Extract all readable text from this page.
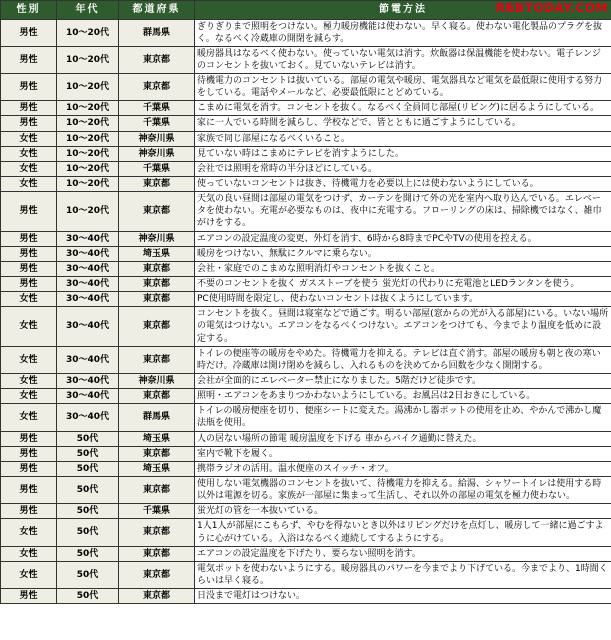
RBBTODAY.COM
性別	年代	都道府県	節電方法
男性	10〜20代	群馬県	ぎりぎりまで照明をつけない。極力暖房機能は使わない。早く寝る。使わない電化製品のプラグを抜く。なるべく冷蔵庫の開閉を減らす。
男性	10〜20代	東京都	暖房器具はなるべく使わない。使っていない電気は消す。炊飯器は保温機能を使わない。電子レンジのコンセントを抜いておく。見ていないテレビは消す。
男性	10〜20代	東京都	待機電力のコンセントは抜いている。部屋の電気や暖房、電気器具など電気を最低限に使用する努力をしている。電話やメールなど、必要最低限にとどめている。
男性	10〜20代	千葉県	こまめに電気を消す。コンセントを抜く。なるべく全員同じ部屋(リビング)に居るようにしている。
男性	10〜20代	千葉県	家に一人でいる時間を減らし、学校などで、皆とともに過ごすようにしている。
女性	10〜20代	神奈川県	家族で同じ部屋になるべくいること。
女性	10〜20代	神奈川県	見ていない時はこまめにテレビを消すようにした。
女性	10〜20代	千葉県	会社では照明を常時の半分ほどにしている。
女性	10〜20代	東京都	使っていないコンセントは抜き、待機電力を必要以上には使わないようにしている。
男性	10〜20代	東京都	天気の良い昼間は部屋の電気をつけず、カーテンを開けて外の光を室内へ取り込んでいる。エレベータを使わない。充電が必要なものは、夜中に充電する。フローリングの床は、掃除機ではなく、雑巾がけをする。
男性	30〜40代	神奈川県	エアコンの設定温度の変更、外灯を消す、6時から8時までPCやTVの使用を控える。
男性	30〜40代	埼玉県	暖房をつけない、無駄にクルマに乗らない。
男性	30〜40代	東京都	会社・家庭でのこまめな照明消灯やコンセントを抜くこと。
男性	30〜40代	東京都	不要のコンセントを抜く ガスストーブを使う 蛍光灯の代わりに充電池とLEDランタンを使う。
女性	30〜40代	東京都	PC使用時間を限定し、使わないコンセントは抜くようにしています。
女性	30〜40代	東京都	コンセントを抜く。昼間は寝室などで過ごす。明るい部屋(窓からの光が入る部屋)にいる。いない場所の電気はつけない。エアコンをなるべくつけない。エアコンをつけても、今までより温度を低めに設定する。
女性	30〜40代	東京都	トイレの便座等の暖房をやめた。待機電力を抑える。テレビは直ぐ消す。部屋の暖房も朝と夜の寒い時だけ。冷蔵庫は開け閉めを減らし、入れるものを決めてから回数を少なく開閉する。
女性	30〜40代	神奈川県	会社が全面的にエレベーター禁止になりました。5階だけど徒歩です。
女性	30〜40代	東京都	照明・エアコンをあまりつかわないようにしている。お風呂は2日おきにしている。
女性	30〜40代	群馬県	トイレの暖房便座を切り、便座シートに変えた。湯沸かし器ポットの使用を止め、やかんで沸かし魔法瓶を使用。
男性	50代	埼玉県	人の居ない場所の節電 暖房温度を下げる 車からバイク通勤に替えた。
男性	50代	東京都	室内で靴下を履く。
男性	50代	埼玉県	携帯ラジオの活用。温水便座のスイッチ・オフ。
男性	50代	東京都	使用しない電気機器のコンセントを抜いて、待機電力を抑える。給湯、シャワートイレは使用する時以外は電源を切る。家族が一部屋に集まって生活し、それ以外の部屋の電気を極力使わない。
男性	50代	千葉県	蛍光灯の管を一本抜いている。
女性	50代	東京都	1人1人が部屋にこもらず、やむを得ないとき以外はリビングだけを点灯し、暖房して一緒に過ごすように心がけている。入浴はなるべく連続してするようにする。
女性	50代	東京都	エアコンの設定温度を下げたり、要らない照明を消す。
女性	50代	東京都	電気ポットを使わないようにする。暖房器具のパワーを今までより下げている。今までより、1時間くらいは早く寝る。
男性	50代	東京都	日没まで電灯はつけない。
